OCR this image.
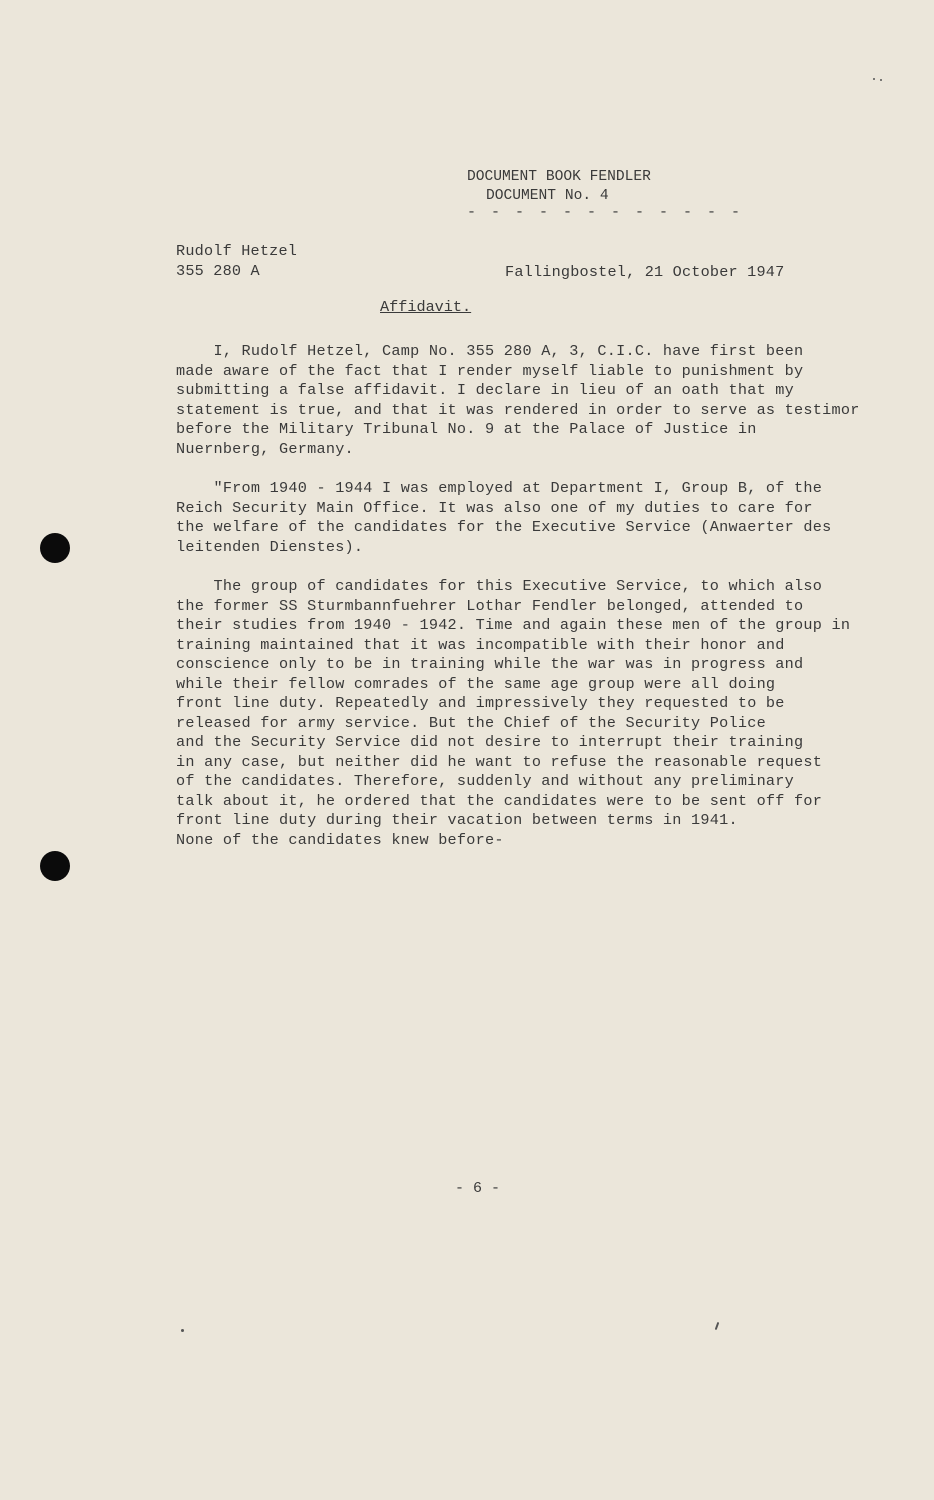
DOCUMENT BOOK FENDLER
DOCUMENT No. 4
- - - - - - - - - - - -
Rudolf Hetzel
355 280 A	Fallingbostel, 21 October 1947
Affidavit.
I, Rudolf Hetzel, Camp No. 355 280 A, 3, C.I.C. have first been
made aware of the fact that I render myself liable to punishment by
submitting a false affidavit. I declare in lieu of an oath that my
statement is true, and that it was rendered in order to serve as testimor
before the Military Tribunal No. 9 at the Palace of Justice in
Nuernberg, Germany.
"From 1940 - 1944 I was employed at Department I, Group B, of the
Reich Security Main Office. It was also one of my duties to care for
the welfare of the candidates for the Executive Service (Anwaerter des
leitenden Dienstes).
The group of candidates for this Executive Service, to which also
the former SS Sturmbannfuehrer Lothar Fendler belonged, attended to
their studies from 1940 - 1942. Time and again these men of the group in
training maintained that it was incompatible with their honor and
conscience only to be in training while the war was in progress and
while their fellow comrades of the same age group were all doing
front line duty. Repeatedly and impressively they requested to be
released for army service. But the Chief of the Security Police
and the Security Service did not desire to interrupt their training
in any case, but neither did he want to refuse the reasonable request
of the candidates. Therefore, suddenly and without any preliminary
talk about it, he ordered that the candidates were to be sent off for
front line duty during their vacation between terms in 1941.
None of the candidates knew before-
- 6 -
